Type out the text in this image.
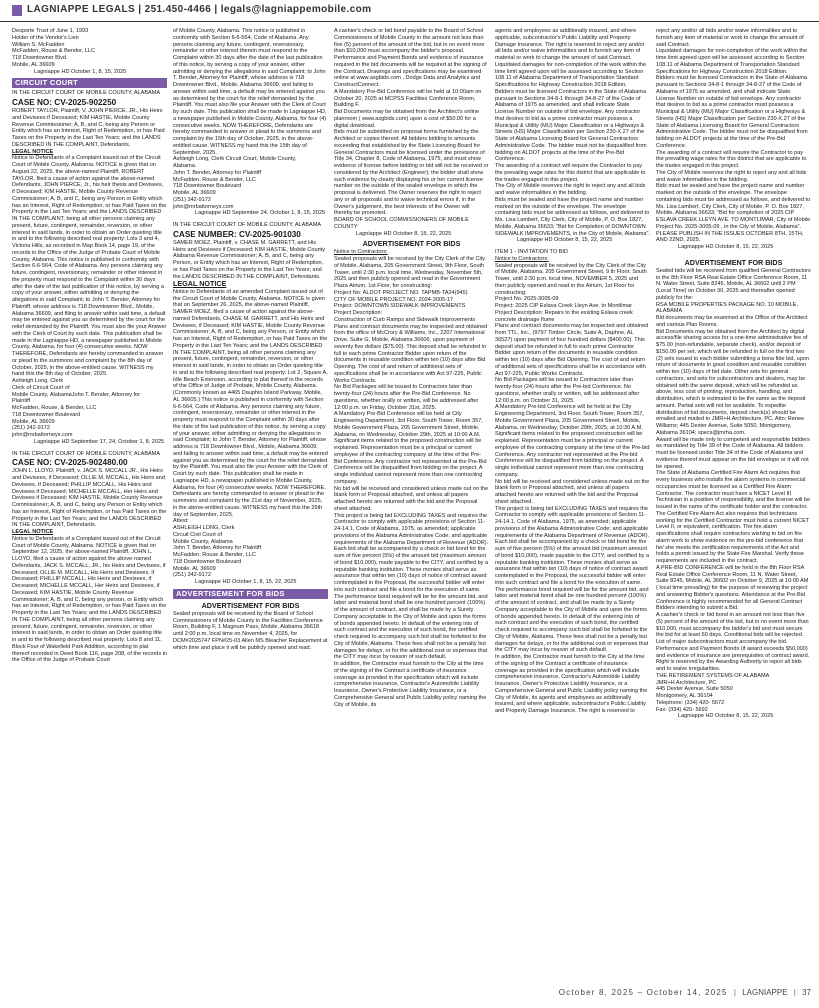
LAGNIAPPE LEGALS | 251.450-4466 | legals@lagniappemobile.com

Desporte Trust of June 1, 1993

Holder of the Vendor's Lien

William S. McFadden

McFadden, Rouse & Bendor, LLC

718 Downtowner Blvd.

Mobile, AL 36609

Lagniappe HD October 1, 8, 15, 2025

CIRCUIT COURT

IN THE CIRCUIT COURT OF MOBILE COUNTY, ALABAMA

CASE NO: CV-2025-902250

ROBERT TAYLOR, Plaintiff, V. JOHN PIERCE, JR., His Heirs and Devisees if Deceased; KIM HASTIE, Mobile County Revenue Commissioner; A, B, and C, being any Person or Entity which has an Interest, Right of Redemption, or has Paid Taxes on the Property in the Last Ten Years; and the LANDS DESCRIBED IN THE COMPLAINT, Defendants.

LEGAL NOTICE

Notice to Defendants of a Complaint issued out of the Circuit Court of Mobile County, Alabama. NOTICE is given that on August 22, 2025, the above-named Plaintiff, ROBERT TAYLOR, filed a cause of action against the above-named Defendants, JOHN PIERCE, Jr., his heir thesis and Devisees, if Deceased; KIM HASTIE, Mobile County Revenue Commissioner; A, B, and C, being any Person or Entity which has an Interest, Right of Redemption, or has Paid Taxes on the Property in the Last Ten Years; and the LANDS DESCRIBED IN THE COMPLAINT, being all other persons claiming any present, future, contingent, remainder, reversion, or other interest in said lands, in order to obtain an Order quieting title in and to the following described real property: Lots 3 and 4, Victoria Hills, as recorded in Map Book 14, page 19, of the records in the Office of the Judge of Probate Court of Mobile County, Alabama. This notice is published in conformity with Section 6-6-564, Code of Alabama. Any persons claiming any future, contingent, reversionary, remainder or other interest in the property must respond to the Complaint within 30 days after the date of the last publication of this notice, by serving a copy of your answer, either admitting or denying the allegations in said Complaint; to John T. Bender, Attorney for Plaintiff, whose address is 718 Downtowner Blvd., Mobile, Alabama 36609, and filing to answer within said time, a default may be entered against you as determined by the court for the relief demanded by the Plaintiff. You must also file your Answer with the Clerk of Court by such date. This publication shall be made in the Lagniappe HD, a newspaper published in Mobile County, Alabama, for four (4) consecutive weeks. NOW THEREFORE, Defendants are hereby commanded to answer or plead to the summons and complaint by the 8th day of October, 2025, in the above-entitled cause. WITNESS my hand this the 8th day of October, 2025.

Ashleigh Long, Clerk

Clerk of Circuit Court of

Mobile County, AlabamaJohn T. Bender, Attorney for

Plaintiff

McFadden, Rouse, & Bender, LLC

718 Downtowner Boulevard

Mobile, AL 36609

(251) 342-9172

john@mrbattorneys.com

Lagniappe HD September 17, 24, October 1, 8, 2025

IN THE CIRCUIT COURT OF MOBILE COUNTY, ALABAMA

CASE NO: CV-2025-902480.00

JOHN L. LLOYD, Plaintiff, v. JACK S. MCCALL JR., His Heirs and Devisees, if Deceased; OLLIE M. MCCALL, His Heirs and Devisees, If Deceased; PHILLIP MCCALL, His Heirs and Devisees if Deceased; MICHELLE MCCALL, Her Heirs and Devisees if Deceased; KIM HASTIE, Mobile County Revenue Commissioner; A, B, and C, being any Person or Entity which has an Interest, Right of Redemption, or has Paid Taxes on the Property in the Last Ten Years; and the LANDS DESCRIBED IN THE COMPLAINT, Defendants.

LEGAL NOTICE

Notice to Defendants of a Complaint issued out of the Circuit Court of Mobile County, Alabama. NOTICE is given that on September 12, 2025, the above-named Plaintiff, JOHN L. LLOYD, filed a cause of action against the above-named Defendants, JACK S. MCCALL, JR., his Heirs and Devisees, if Deceased; OLLIE M. MCCALL, His Heirs and Devisees, if Deceased; PHILLIP MCCALL, His Heirs and Devisees, if Deceased; MICHELLE MCCALL, Her Heirs and Devisees, if Deceased; KIM HASTIE, Mobile County Revenue Commissioner; A, B, and C, being any person, or Entity which has an Interest, Right of Redemption, or has Paid Taxes on the Property in the Last Ten Years; and the LANDS DESCRIBED IN THE COMPLAINT, being all other persons claiming any present, future, contingent, remainder, reversion, or other interest in said lands, in order to obtain an Order quieting title in and to the following described real property: Lots 8 and 11, Block Four of Wakefield Park Addition, according to plat thereof recorded in Deed Book 116, page 208, of the records in the Office of the Judge of Probate Court

of Mobile County, Alabama. This notice is published in conformity with Section 6-6-564, Code of Alabama. Any persons claiming any future, contingent, reversionary, remainder or other interest therein must respond to the Complaint within 30 days after the date of the last publication of this notice, by serving a copy of your answer, either admitting or denying the allegations in said Complaint; to John T. Bender, Attorney for Plaintiff, whose address is 718 Downtowner Blvd., Mobile, Alabama 36609, and failing to answer within said time, a default may be entered against you as determined by the court for the relief demanded by the Plaintiff. You must also file your Answer with the Clerk of Court by such date. This publication shall be made in Lagniappe HD, a newspaper published in Mobile County, Alabama, for four (4) consecutive weeks. NOW THEREFORE, Defendants are hereby commanded to answer or plead to the summons and complaint by the 15th day of October, 2025, in the above-entitled cause. WITNESS my hand this the 15th day of September, 2025.

Ashleigh Long, Clerk Circuit Court, Mobile County,

Alabama.

John T. Bender, Attorney for Plaintiff

McFadden, Rouse & Bender, LLC

718 Downtowner Boulevard

Mobile, AL 36609

(251) 342-9172

john@mrbattorneys.com

Lagniappe HD September 24, October 1, 8, 15, 2025

IN THE CIRCUIT COURT OF MOBILE COUNTY, ALABAMA

CASE NUMBER: CV-2025-901030

SAMER MOEZ, Plaintiff, v. CHASE M. GARRETT, and His Heirs and Devisees if Deceased; KIM HASTIE, Mobile County Alabama Revenue Commissioner; A, B, and C, being any Person, or Entity which has an Interest, Right of Redemption, or has Paid Taxes on the Property in the Last Ten Years; and the LANDS DESCRIBED IN THE COMPLAINT, Defendants.

LEGAL NOTICE

Notice to Defendants of an amended Complaint issued out of the Circuit Court of Mobile County, Alabama. NOTICE is given that on September 26, 2025, the above-named Plaintiff, SAMER MOEZ, filed a cause of action against the above-named Defendants, CHASE M. GARRETT, and His Heirs and Devisees, if Deceased; KIM HASTIE, Mobile County Revenue Commissioner; A, B, and C, being any Person, or Entity which has an Interest, Right of Redemption, or has Paid Taxes on the Property in the Last Ten Years; and the LANDS DESCRIBED IN THE COMPLAINT, being all other persons claiming any present, future, contingent, remainder, reversion, or other interest in said lands, in order to obtain an Order quieting title in and to the following described real property: Lot 2, Square A, Idle Beach Extension, according to plat thereof in the records of the Office of Judge of Probate, Mobile County, Alabama. (Commonly known as 4465 Dauphin Island Parkway, Mobile, AL 36605.) This notice is published in conformity with Section 6-6-564, Code of Alabama. Any persons claiming any future, contingent, reversionary, remainder or other interest in the property must respond to the Complaint within 30 days after the date of the last publication of this notice, by serving a copy of your answer, either admitting or denying the allegations in said Complaint; to John T. Bender, Attorney for Plaintiff, whose address is 718 Downtowner Blvd., Mobile, Alabama 36609, and failing to answer within said time, a default may be entered against you as determined by the court for the relief demanded by the Plaintiff. You must also file your Answer with the Clerk of Court by such date. This publication shall be made in Lagniappe HD, a newspaper published in Mobile County, Alabama, for four (4) consecutive weeks. NOW THEREFORE, Defendants are hereby commanded to answer or plead to the summons and complaint by the 21st day of November, 2025, in the above-entitled cause. WITNESS my hand this the 26th day of September, 2025.

Attest:

ASHLEIGH LONG, Clerk

Circuit Civil Court of

Mobile County, Alabama

John T. Bender, Attorney for Plaintiff

McFadden, Rouse & Bender, LLC

718 Downtowner Boulevard

Mobile, AL 36609

(251) 342-9172

Lagniappe HD October 1, 8, 15, 22, 2025

ADVERTISEMENT FOR BIDS

ADVERTISEMENT FOR BIDS

Sealed proposals will be received by the Board of School Commissioners of Mobile County in the Facilities Conference Room, Building F, 1 Magnum Pass, Mobile, Alabama 36618 until 2:00 p.m. local time on November 4, 2025, for DCM#2025747 FPN#25-03 Allen MS Bleacher Replacement at which time and place it will be publicly opened and read.

A cashier's check or bid bond payable to the Board of School Commissioners of Mobile County in the amount not less than five (5) percent of the amount of the bid, but in no event more than $10,000 must accompany the bidder's proposal. Performance and Payment Bonds and evidence of insurance required in the bid documents will be required at the signing of the Contract. Drawings and specifications may be examined online at www.asgbids.com , Dodge Data and Analytics and ConstructConnect.

A Mandatory Pre-Bid Conference will be held at 10:00am on October 20, 2025 at MCPSS Facilities Conference Room, Building F.

Bid Documents may be obtained from the Architect's online planroom ( www.asgbids.com) upon a cost of $50.00 for a digital download.

Bids must be submitted on proposal forms furnished by the Architect or copies thereof. All bidders bidding in amounts exceeding that established by the State Licensing Board for General Contractors must be licensed under the provisions of Title 34, Chapter 8, Code of Alabama, 1975, and must show evidence of license before bidding or bid will not be received or considered by the Architect (Engineer); the bidder shall show such evidence by clearly displaying his or her current license number on the outside of the sealed envelope in which the proposal is delivered. The Owner reserves the right to reject any or all proposals and to waive technical errors if, in the Owner's judgement, the best interests of the Owner will thereby be promoted.

BOARD OF SCHOOL COMMISSIONERS OF MOBILE COUNTY

Lagniappe HD October 8, 15, 22, 2025

ADVERTISEMENT FOR BIDS

Notice to Contractors:

Sealed proposals will be received by the City Clerk of the City of Mobile, Alabama, 205 Government Street, 9th Floor, South Tower, until 2:30 p.m. local time, Wednesday, November 5th, 2025 and then publicly opened and read in the Government Plaza Atrium, 1st Floor, for constructing:

Project No: ALDOT PROJECT NO. TAPMB-TA24(945)

CITY OF MOBILE PROJECT NO. 2024-3005-17

Project: DOWNTOWN SIDEWALK IMPROVEMENTS

Project Description:

Construction of Curb Ramps and Sidewalk Improvements

Plans and contract documents may be inspected and obtained from the office of McCrory & Williams, Inc., 2207 International Drive, Suite G, Mobile, Alabama 36606, upon payment of seventy five dollars ($75.00). This deposit shall be refunded in full to each prime Contractor Bidder upon return of the documents in reusable condition within ten (10) days after Bid Opening. The cost of and return of additional sets of specifications shall be in accordance with Act 97-225, Public Works Contracts.

No Bid Packages will be issued to Contractors later than twenty-four (24) hours after the Pre-Bid Conference. No questions, whether orally or written, will be addressed after 12:00 p.m. on Friday, October 31st, 2025.

A Mandatory Pre-Bid Conference will be held at City Engineering Department, 3rd Floor, South Tower, Room 357, Mobile Government Plaza, 205 Government Street, Mobile, Alabama, on Wednesday, October 29th, 2025 at 10:00 A.M. Significant items related to the proposed construction will be explained. Representation must be a principal or current employee of the contracting company at the time of the Pre-Bid Conference. Any contractor not represented at the Pre-Bid Conference will be disqualified from bidding on the project. A single individual cannot represent more than one contracting company.

No bid will be received and considered unless made out on the blank form or Proposal attached, and unless all papers attached hereto are returned with the bid and the Proposal sheet attached.

This project is being bid EXCLUDING TAXES and requires the Contractor to comply with applicable provisions of Section 11-24-14.1, Code of Alabama, 1975, as amended; applicable provisions of the Alabama Administrative Code; and applicable requirements of the Alabama Department of Revenue (ADOR). Each bid shall be accompanied by a check or bid bond for the sum of five percent (5%) of the amount bid (maximum amount of bond $10,000), made payable to the CITY, and certified by a reputable banking institution. These monies shall serve as assurance that within ten (10) days of notice of contract award contemplated in the Proposal, the successful bidder will enter into such contract and file a bond for the execution of same. The performance bond required will be for the amount bid, and labor and material bond shall be one hundred percent (100%) of the amount of contract, and shall be made by a Surety Company acceptable to the City of Mobile and upon the forms of bonds appended hereto. In default of the entering into of such contract and the execution of such bond, the certified check required to accompany such bid shall be forfeited to the City of Mobile, Alabama. These fees shall not be a penalty but damages for delays, or for the additional cost or expenses that the CITY may incur by reason of such default.

In addition, the Contractor must furnish to the City at the time of the signing of the Contract a certificate of insurance coverage as provided in the specification which will include comprehensive insurance, Contractor's Automobile Liability Insurance, Owner's Protective Liability Insurance, or a Comprehensive General and Public Liability policy naming the City of Mobile, its

agents and employees as additionally insured, and where applicable, subcontractor's Public Liability and Property Damage Insurance. The right is reserved to reject any and/or all bids and/or waive informalities and to furnish any item of material or work to change the amount of said Contract.

Liquidated damages for non-completion of the work within the time limit agreed upon will be assessed according to Section 108.11 of Alabama Department of Transportation Standard Specifications for Highway Construction 2018 Edition.

Bidders must be licensed Contractors in the State of Alabama pursuant to Sections 34-8-1 through 34-8-27 of the Code of Alabama of 1975 as amended, and shall indicate State License Number on outside of bid envelope. Any contractor that desires to bid as a prime contractor must possess a Municipal & Utility (MU) Major Classification or a Highways & Streets (HS) Major Classification per Section 230-X.27 of the State of Alabama Licensing Board for General Contractors Administrative Code. The bidder must not be disqualified from bidding on ALDOT projects at the time of the Pre-Bid Conference.

The awarding of a contract will require the Contractor to pay the prevailing wage rates for this district that are applicable to the trades engaged in this project.

The City of Mobile reserves the right to reject any and all bids and waive informalities in the bidding.

Bids must be sealed and have the project name and number marked on the outside of the envelope. The envelope containing bids must be addressed as follows, and delivered to Ms. Lisa Lambert, City Clerk, City of Mobile, P. O. Box 1827, Mobile, Alabama 36633; "Bid for Completion of DOWNTOWN SIDEWALK IMPROVEMENTS, in the City of Mobile, Alabama".

Lagniappe HD October 8, 15, 22, 2025

ITEM 1 - INVITATION TO BID

Notice to Contractors:

Sealed proposals will be received by the City Clerk of the City of Mobile, Alabama, 205 Government Street, 9 th Floor, South Tower, until 2:30 p.m. local time, NOVEMBER 5, 2025 and then publicly opened and read in the Atrium, 1st Floor for constructing:

Project No. 2025-3005-09

Project: 2025 CIP Eslava Creek Lleyn Ave. to Montlimar Project Description: Repairs to the existing Eslava creek concrete drainage flume

Plans and contract documents may be inspected and obtained from TTL, Inc., (9797 Timber Circle, Suite A, Daphne, AL 36527) upon payment of four hundred dollars ($400.00). This deposit shall be refunded in full to each prime Contractor Bidder upon return of the documents in reusable condition within ten (10) days after Bid Opening. The cost of and return of additional sets of specifications shall be in accordance with Act 97-225, Public Works Contracts.

No Bid Packages will be issued to Contractors later than twenty-four (24) hours after the Pre-bid Conference. No questions, whether orally or written, will be addressed after 12:00 p.m. on October 31, 2025.

A Mandatory Pre-bid Conference will be held at the City Engineering Department, 3rd Floor, South Tower, Room 357, Mobile Government Plaza, 205 Government Street, Mobile, Alabama, on Wednesday, October 29th, 2025, at 10:30 A.M. Significant items related to the proposed construction will be explained. Representation must be a principal or current employee of the contracting company at the time of the Pre-bid Conference. Any contractor not represented at the Pre-bid Conference will be disqualified from bidding on the project. A single individual cannot represent more than one contracting company.

No bid will be received and considered unless made out on the blank form or Proposal attached, and unless all papers attached hereto are returned with the bid and the Proposal sheet attached.

This project is being bid EXCLUDING TAXES and requires the Contractor to comply with applicable provisions of Section 11-24-14.1, Code of Alabama, 1975, as amended; applicable provisions of the Alabama Administrative Code; and applicable requirements of the Alabama Department of Revenue (ADOR).

Each bid shall be accompanied by a check or bid bond for the sum of five percent (5%) of the amount bid (maximum amount of bond $10,000), made payable to the CITY, and certified by a reputable banking institution. These monies shall serve as assurance that within ten (10) days of notice of contract award contemplated in the Proposal, the successful bidder will enter into such contract and file a bond for the execution of same. The performance bond required will be for the amount bid, and labor and material bond shall be one hundred percent (100%) of the amount of contract, and shall be made by a Surety Company acceptable to the City of Mobile and upon the forms of bonds appended hereto. In default of the entering into of such contract and the execution of such bond, the certified check required to accompany such bid shall be forfeited to the City of Mobile, Alabama. These fees shall not be a penalty but damages for delays, or for the additional cost or expenses that the CITY may incur by reason of such default.

In addition, the Contractor must furnish to the City at the time of the signing of the Contract a certificate of insurance coverage as provided in the specification which will include comprehensive insurance, Contractor's Automobile Liability Insurance, Owner's Protective Liability Insurance, or a Comprehensive General and Public Liability policy naming the City of Mobile, its agents and employees as additionally insured, and where applicable, subcontractor's Public Liability and Property Damage Insurance. The right is reserved to

reject any and/or all bids and/or waive informalities and to furnish any item of material or work to change the amount of said Contract.

Liquidated damages for non-completion of the work within the time limit agreed upon will be assessed according to Section 108.11 of Alabama Department of Transportation Standard Specifications for Highway Construction 2018 Edition.

Bidders must be licensed Contractors in the State of Alabama pursuant to Sections 34-8-1 through 34-8-27 of the Code of Alabama of 1975 as amended, and shall indicate State License Number on outside of bid envelope. Any contractor that desires to bid as a prime contractor must possess a Municipal & Utility (MU) Major Classification or a Highways & Streets (HS) Major Classification per Section 230-X.27 of the State of Alabama Licensing Board for General Contractors Administrative Code. The bidder must not be disqualified from bidding on ALDOT projects at the time of the Pre-Bid Conference.

The awarding of a contract will require the Contractor to pay the prevailing wage rates for this district that are applicable to the trades engaged in this project.

The City of Mobile reserves the right to reject any and all bids and waive informalities in the bidding.

Bids must be sealed and have the project name and number marked on the outside of the envelope. The envelope containing bids must be addressed as follows, and delivered to Ms. Lisa Lambert, City Clerk, City of Mobile, P. O. Box 1827, Mobile, Alabama 36633; "Bid for completion of 2025 CIP ESLAVA CREEK LLEYN AVE. TO MONTLIMAR, City of Mobile Project No. 2025-3005-09 , in the City of Mobile, Alabama".

PLEASE PUBLISH IN THE ISSUES OCTOBER 8TH, 15TH, AND 22ND, 2025.

Lagniappe HD October 8, 15, 22, 2025

ADVERTISEMENT FOR BIDS

Sealed bids will be received from qualified General Contractors in the 8th Floor RSA Real Estate Office Conference Room, 11 N. Water Street, Suite 8245, Mobile, AL 36602 until 2 PM (Local Time) on October 30, 2025 and thereafter opened publicly for the:

RSA MOBILE PROPERTIES PACKAGE NO. 10 MOBILE, ALABAMA

Bid documents may be examined at the Office of the Architect and various Plan Rooms.

Bid Documents may be obtained from the Architect by digital access/file sharing access for a one-time administrative fee of $75.00 (non-refundable, separate check), and/or deposit of $150.00 per set, which will be refunded in full on the first two (2) sets issued to each bidder submitting a bona fide bid, upon return of documents in good condition and reusable condition within ten (10) days of bid date. Other sets for general contractors, and sets for subcontractors and dealers, may be obtained with the same deposit, which will be refunded as above, less cost of printing, reproduction, handling, and distribution, which is estimated to be the same as the deposit amount. Partial sets will not be available. To expedite distribution of bid documents, deposit check(s) should be emailed and mailed to JMR+H Architecture, PC, Attn: Renee Williams; 445 Dexter Avenue, Suite 5050, Montgomery, Alabama 36104; specs@jmrha.com.

Award will be made only to competent and responsible bidders as mandated by Title 39 of the Code of Alabama. All bidders must be licensed under Title 34 of the Code of Alabama and evidence thereof must appear on the bid envelope or it will not be opened.

The State of Alabama Certified Fire Alarm Act requires that every business who installs fire alarm systems in commercial occupancies must be licensed as a Certified Fire Alarm Contractor. The contractor must have a NICET Level III Technician in a position of responsibility, and the license will be issued in the name of the certificate holder and the contractor. The Certified Fire Alarm Act also requires that technicians working for the Certified Contractor must hold a current NICET Level II, or equivalent, certification. The fire alarm specifications shall require contractors wishing to bid on fire alarm work to show evidence on the pre-bid conference that he/ she meets the certification requirements of the Act and holds a permit issued by the State Fire Marshal. Verify these requirements are included in the contract.

A PRE-BID CONFERENCE will be held in the 8th Floor RSA Real Estate Office Conference Room, 11 N. Water Street, Suite 8245, Mobile, AL 36602 on October 9, 2025 at 10:00 AM ( local time prevailing) for the purpose of reviewing the project and answering Bidder's questions. Attendance at the Pre-Bid Conference is highly recommended for all General Contract Bidders intending to submit a Bid.

A cashier's check or bid bond in an amount not less than five (5) percent of the amount of the bid, but in no event more than $10,000, must accompany the bidder's bid and must secure the bid for at least 60 days. Conditional bids will be rejected. List of major subcontractors must accompany the bid. Performance and Payment Bonds (if award exceeds $50,000) and evidence of insurance are prerequisites of contract award. Right is reserved by the Awarding Authority to reject all bids and to waive irregularities.

THE RETIREMENT SYSTEMS OF ALABAMA

JMR+H Architecture, PC

445 Dexter Avenue, Suite 5050

Montgomery, AL 36104

Telephone: (334) 420- 5672

Fax: (334) 420- 5692

Lagniappe HD October 8, 15, 22, 2025

October 8, 2025 – October 14, 2025 | LAGNIAPPE | 37
